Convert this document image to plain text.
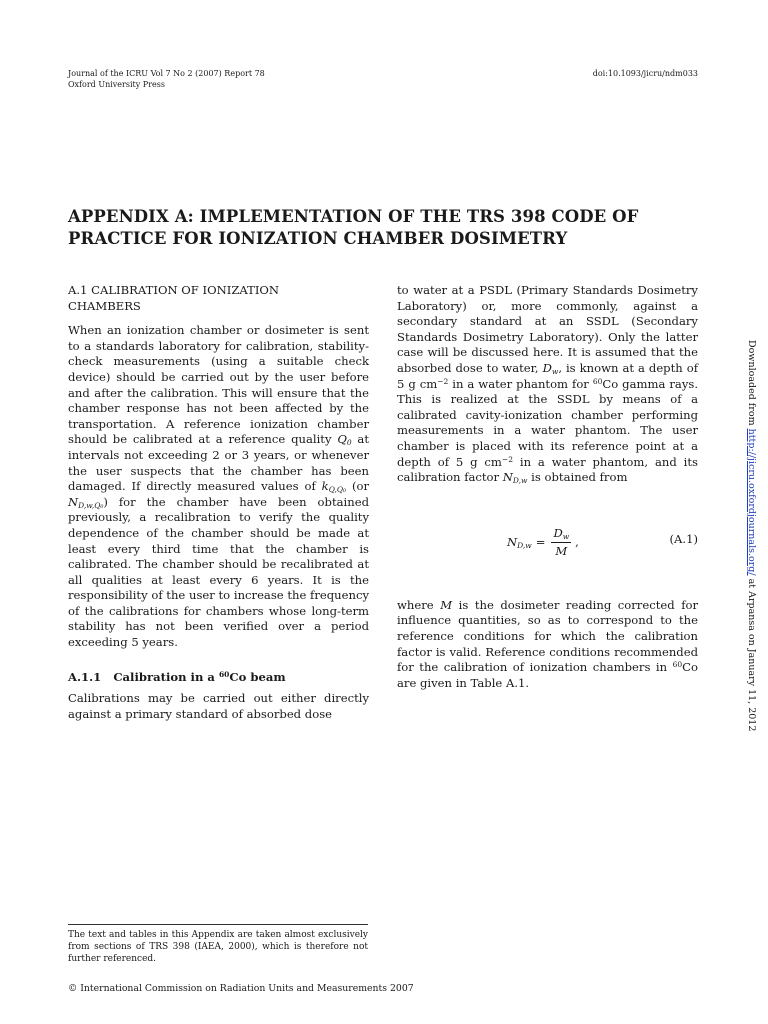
Journal of the ICRU Vol 7 No 2 (2007) Report 78
Oxford University Press
doi:10.1093/jicru/ndm033
APPENDIX A: IMPLEMENTATION OF THE TRS 398 CODE OF
PRACTICE FOR IONIZATION CHAMBER DOSIMETRY
A.1 CALIBRATION OF IONIZATION
CHAMBERS

When an ionization chamber or dosimeter is sent to a standards laboratory for calibration, stability-check measurements (using a suitable check device) should be carried out by the user before and after the calibration. This will ensure that the chamber response has not been affected by the transportation. A reference ionization chamber should be calibrated at a reference quality $Q_0$ at intervals not exceeding 2 or 3 years, or whenever the user suspects that the chamber has been damaged. If directly measured values of $k_{Q,Q_0}$ (or $N_{D,w,Q_0}$) for the chamber have been obtained previously, a recalibration to verify the quality dependence of the chamber should be made at least every third time that the chamber is calibrated. The chamber should be recalibrated at all qualities at least every 6 years. It is the responsibility of the user to increase the frequency of the calibrations for chambers whose long-term stability has not been verified over a period exceeding 5 years.

A.1.1 Calibration in a $^{60}$Co beam

Calibrations may be carried out either directly against a primary standard of absorbed dose

to water at a PSDL (Primary Standards Dosimetry Laboratory) or, more commonly, against a secondary standard at an SSDL (Secondary Standards Dosimetry Laboratory). Only the latter case will be discussed here. It is assumed that the absorbed dose to water, $D_w$, is known at a depth of 5 g $cm^{-2}$ in a water phantom for $^{60}$Co gamma rays. This is realized at the SSDL by means of a calibrated cavity-ionization chamber performing measurements in a water phantom. The user chamber is placed with its reference point at a depth of 5 g $cm^{-2}$ in a water phantom, and its calibration factor $N_{D,w}$ is obtained from

$N_{D,w} = \frac{D_w}{M}$ ,	(A.1)

where M is the dosimeter reading corrected for influence quantities, so as to correspond to the reference conditions for which the calibration factor is valid. Reference conditions recommended for the calibration of ionization chambers in $^{60}$Co are given in Table A.1.

The text and tables in this Appendix are taken almost exclusively from sections of TRS 398 (IAEA, 2000), which is therefore not further referenced.
© International Commission on Radiation Units and Measurements 2007
Downloaded from http://jicru.oxfordjournals.org/ at Arpansa on January 11, 2012
